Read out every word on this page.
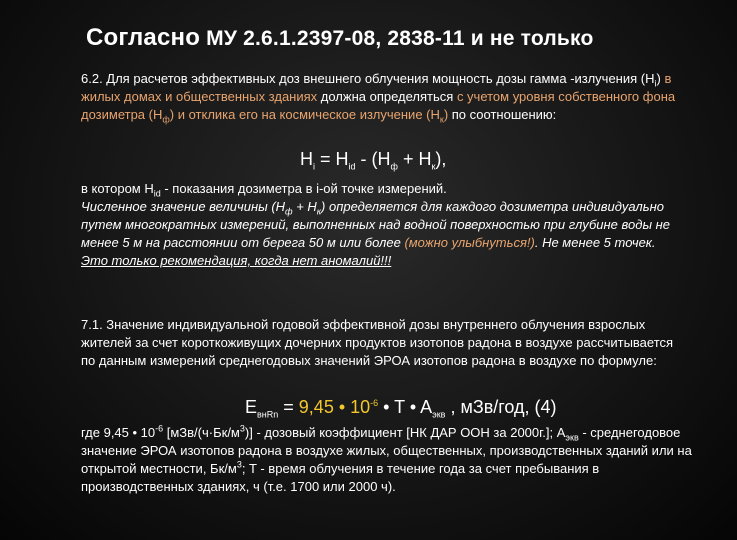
Согласно МУ 2.6.1.2397-08, 2838-11 и не только
6.2. Для расчетов эффективных доз внешнего облучения мощность дозы гамма -излучения $(H_i)$ в жилых домах и общественных зданиях должна определяться с учетом уровня собственного фона дозиметра $(H_ф)$ и отклика его на космическое излучение $(H_к)$ по соотношению:
$H_i = H_{id} - (H_ф + H_к)$,
в котором $H_{id}$ - показания дозиметра в i-ой точке измерений.
Численное значение величины $(H_ф + H_к)$ определяется для каждого дозиметра индивидуально путем многократных измерений, выполненных над водной поверхностью при глубине воды не менее 5 м на расстоянии от берега 50 м или более (можно улыбнуться!). Не менее 5 точек.
Это только рекомендация, когда нет аномалий!!!
7.1. Значение индивидуальной годовой эффективной дозы внутреннего облучения взрослых жителей за счет короткоживущих дочерних продуктов изотопов радона в воздухе рассчитывается по данным измерений среднегодовых значений ЭРОА изотопов радона в воздухе по формуле:
$E_{внRn} = 9,45$ • $10^{-6}$ • T • $A_{экв}$ , мЗв/год, (4)
где 9,45 • $10^{-6}$ $[мЗв/(ч\cdot Бк/м^3)]$ - дозовый коэффициент [НК ДАР ООН за 2000г.]; $A_{экв}$ - среднегодовое значение ЭРОА изотопов радона в воздухе жилых, общественных, производственных зданий или на открытой местности, $Бк/м^3$; T - время облучения в течение года за счет пребывания в производственных зданиях, ч (т.е. 1700 или 2000 ч).
